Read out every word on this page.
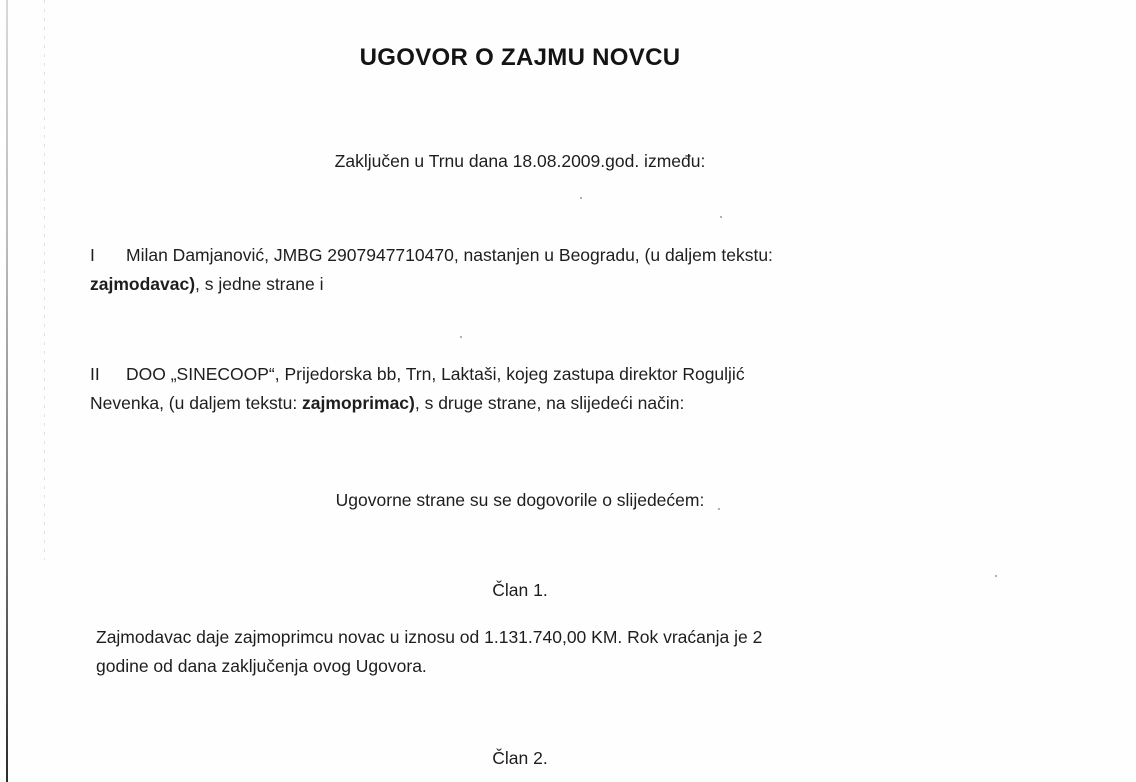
UGOVOR O ZAJMU NOVCU
Zaključen u Trnu dana 18.08.2009.god. između:
I Milan Damjanović, JMBG 2907947710470, nastanjen u Beogradu, (u daljem tekstu:
zajmodavac), s jedne strane i
II DOO „SINECOOP“, Prijedorska bb, Trn, Laktaši, kojeg zastupa direktor Roguljić
Nevenka, (u daljem tekstu: zajmoprimac), s druge strane, na slijedeći način:
Ugovorne strane su se dogovorile o slijedećem:
Član 1.
Zajmodavac daje zajmoprimcu novac u iznosu od 1.131.740,00 KM. Rok vraćanja je 2
godine od dana zaključenja ovog Ugovora.
Član 2.
